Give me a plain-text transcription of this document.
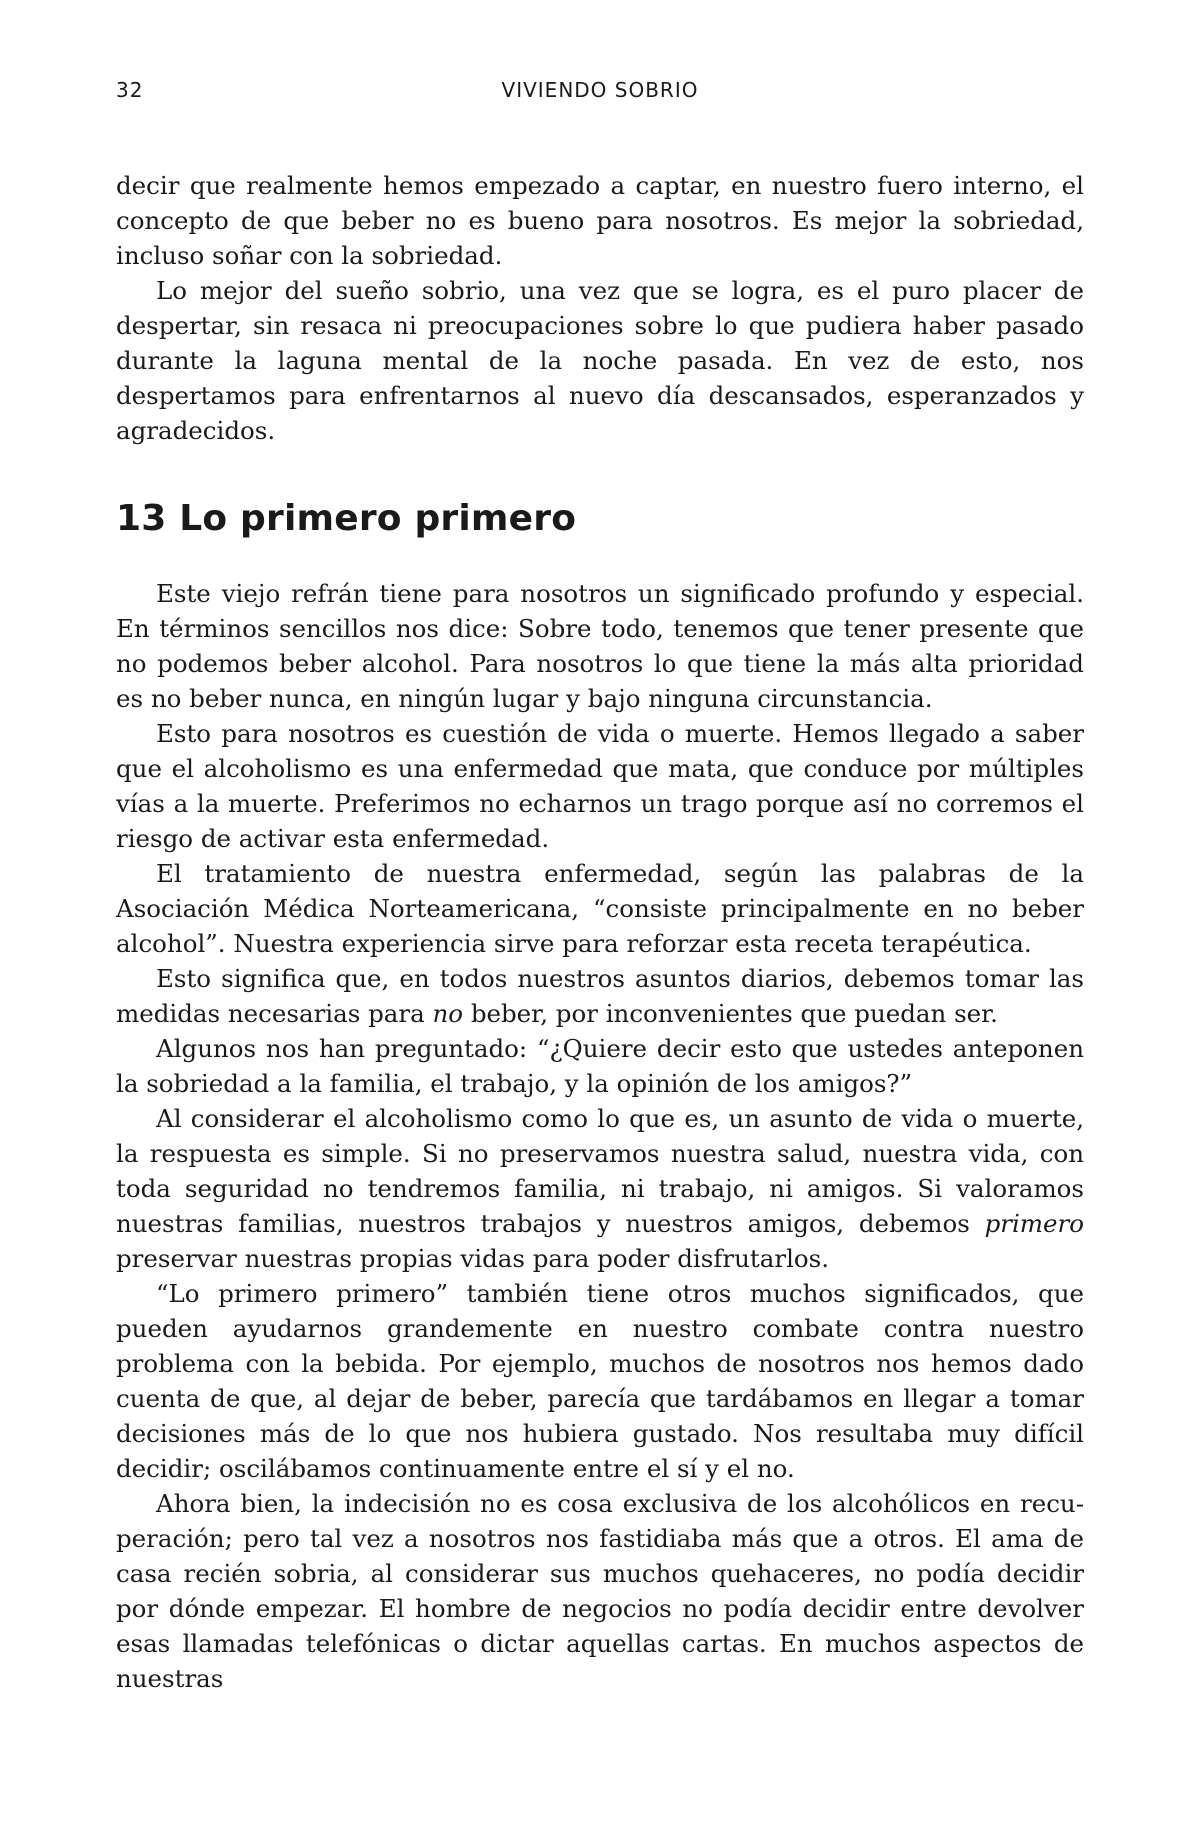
32	VIVIENDO SOBRIO

decir que realmente hemos empezado a captar, en nuestro fuero interno, el concepto de que beber no es bueno para nosotros. Es mejor la sobriedad, incluso soñar con la sobriedad.

Lo mejor del sueño sobrio, una vez que se logra, es el puro placer de despertar, sin resaca ni preocupaciones sobre lo que pudiera haber pasado durante la laguna mental de la noche pasada. En vez de esto, nos despertamos para enfrentarnos al nuevo día descansados, esperanzados y agradecidos.

13 Lo primero primero

Este viejo refrán tiene para nosotros un significado profundo y especial. En términos sencillos nos dice: Sobre todo, tenemos que tener presente que no podemos beber alcohol. Para nosotros lo que tiene la más alta prioridad es no beber nunca, en ningún lugar y bajo ninguna circunstancia.

Esto para nosotros es cuestión de vida o muerte. Hemos llegado a saber que el alcoholismo es una enfermedad que mata, que conduce por múltiples vías a la muerte. Preferimos no echarnos un trago porque así no corremos el riesgo de activar esta enfermedad.

El tratamiento de nuestra enfermedad, según las palabras de la Asociación Médica Norteamericana, “consiste principalmente en no beber alcohol”. Nuestra experiencia sirve para reforzar esta receta terapéutica.

Esto significa que, en todos nuestros asuntos diarios, debemos tomar las medidas necesarias para no beber, por inconvenientes que puedan ser.

Algunos nos han preguntado: “¿Quiere decir esto que ustedes anteponen la sobriedad a la familia, el trabajo, y la opinión de los amigos?”

Al considerar el alcoholismo como lo que es, un asunto de vida o muerte, la respuesta es simple. Si no preservamos nuestra salud, nuestra vida, con toda seguridad no tendremos familia, ni trabajo, ni amigos. Si valoramos nuestras familias, nuestros trabajos y nuestros amigos, debemos primero preservar nuestras propias vidas para poder disfrutarlos.

“Lo primero primero” también tiene otros muchos significados, que pueden ayudarnos grandemente en nuestro combate contra nuestro problema con la bebida. Por ejemplo, muchos de nosotros nos hemos dado cuenta de que, al dejar de beber, parecía que tardábamos en llegar a tomar decisiones más de lo que nos hubiera gustado. Nos resultaba muy difícil decidir; oscilábamos continuamente entre el sí y el no.

Ahora bien, la indecisión no es cosa exclusiva de los alcohólicos en recuperación; pero tal vez a nosotros nos fastidiaba más que a otros. El ama de casa recién sobria, al considerar sus muchos quehaceres, no podía decidir por dónde empezar. El hombre de negocios no podía decidir entre devolver esas llamadas telefónicas o dictar aquellas cartas. En muchos aspectos de nuestras
